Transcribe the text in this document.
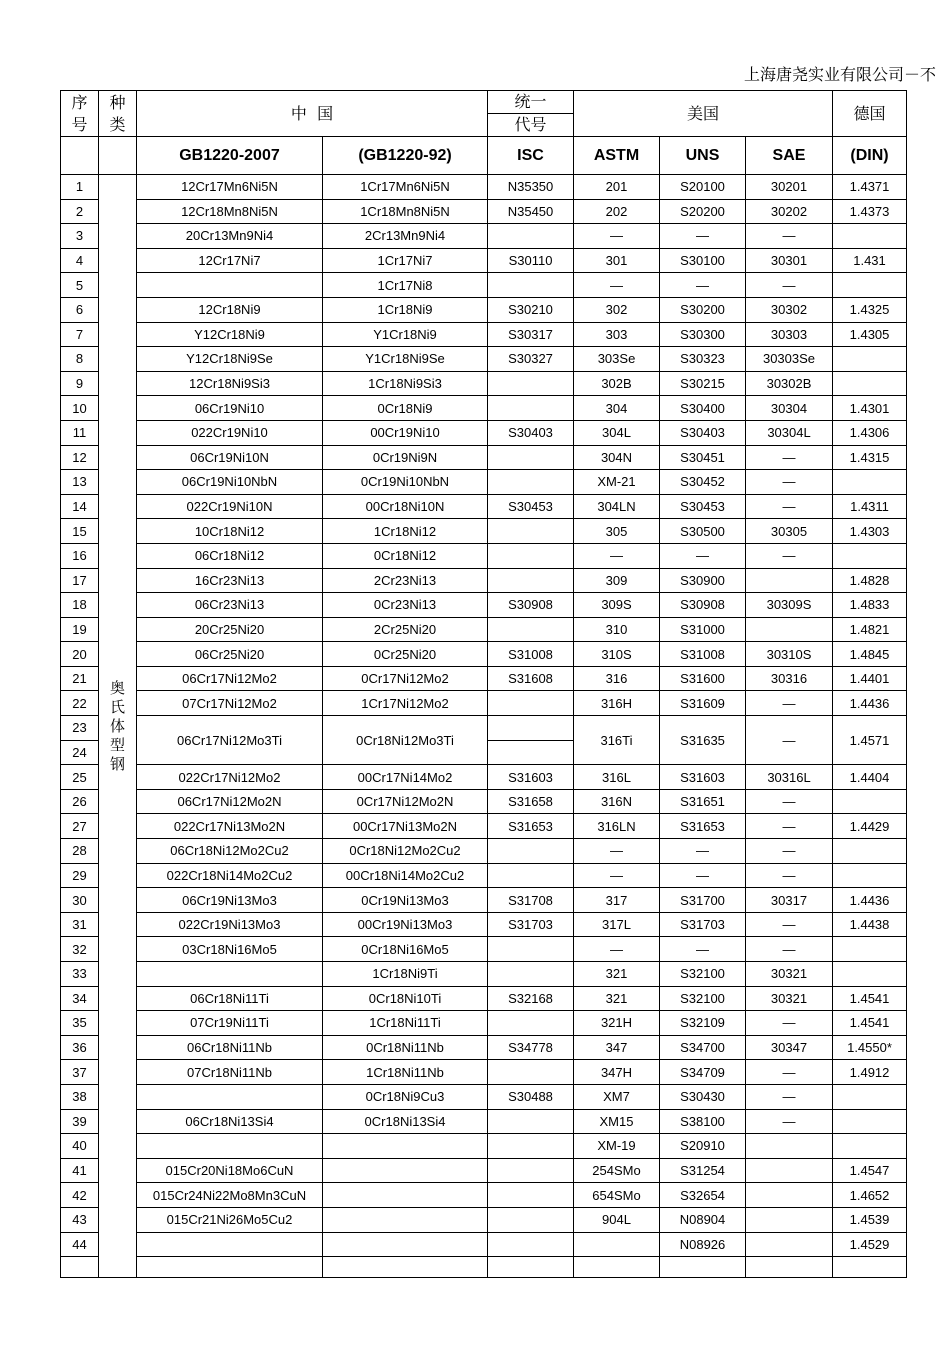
上海唐尧实业有限公司－不
序号	种类	中  国		统一	美国			德国
				代号				
		GB1220-2007	(GB1220-92)	ISC	ASTM	UNS	SAE	(DIN)
1	奥氏体型钢	12Cr17Mn6Ni5N	1Cr17Mn6Ni5N	N35350	201	S20100	30201	1.4371
2		12Cr18Mn8Ni5N	1Cr18Mn8Ni5N	N35450	202	S20200	30202	1.4373
3		20Cr13Mn9Ni4	2Cr13Mn9Ni4		—	—	—	
4		12Cr17Ni7	1Cr17Ni7	S30110	301	S30100	30301	1.431
5			1Cr17Ni8		—	—	—	
6		12Cr18Ni9	1Cr18Ni9	S30210	302	S30200	30302	1.4325
7		Y12Cr18Ni9	Y1Cr18Ni9	S30317	303	S30300	30303	1.4305
8		Y12Cr18Ni9Se	Y1Cr18Ni9Se	S30327	303Se	S30323	30303Se	
9		12Cr18Ni9Si3	1Cr18Ni9Si3		302B	S30215	30302B	
10		06Cr19Ni10	0Cr18Ni9		304	S30400	30304	1.4301
11		022Cr19Ni10	00Cr19Ni10	S30403	304L	S30403	30304L	1.4306
12		06Cr19Ni10N	0Cr19Ni9N		304N	S30451	—	1.4315
13		06Cr19Ni10NbN	0Cr19Ni10NbN		XM-21	S30452	—	
14		022Cr19Ni10N	00Cr18Ni10N	S30453	304LN	S30453	—	1.4311
15		10Cr18Ni12	1Cr18Ni12		305	S30500	30305	1.4303
16		06Cr18Ni12	0Cr18Ni12		—	—	—	
17		16Cr23Ni13	2Cr23Ni13		309	S30900		1.4828
18		06Cr23Ni13	0Cr23Ni13	S30908	309S	S30908	30309S	1.4833
19		20Cr25Ni20	2Cr25Ni20		310	S31000		1.4821
20		06Cr25Ni20	0Cr25Ni20	S31008	310S	S31008	30310S	1.4845
21		06Cr17Ni12Mo2	0Cr17Ni12Mo2	S31608	316	S31600	30316	1.4401
22		07Cr17Ni12Mo2	1Cr17Ni12Mo2		316H	S31609	—	1.4436
23		06Cr17Ni12Mo3Ti	0Cr18Ni12Mo3Ti		316Ti	S31635	—	1.4571
24								
25		022Cr17Ni12Mo2	00Cr17Ni14Mo2	S31603	316L	S31603	30316L	1.4404
26		06Cr17Ni12Mo2N	0Cr17Ni12Mo2N	S31658	316N	S31651	—	
27		022Cr17Ni13Mo2N	00Cr17Ni13Mo2N	S31653	316LN	S31653	—	1.4429
28		06Cr18Ni12Mo2Cu2	0Cr18Ni12Mo2Cu2		—	—	—	
29		022Cr18Ni14Mo2Cu2	00Cr18Ni14Mo2Cu2		—	—	—	
30		06Cr19Ni13Mo3	0Cr19Ni13Mo3	S31708	317	S31700	30317	1.4436
31		022Cr19Ni13Mo3	00Cr19Ni13Mo3	S31703	317L	S31703	—	1.4438
32		03Cr18Ni16Mo5	0Cr18Ni16Mo5		—	—	—	
33			1Cr18Ni9Ti		321	S32100	30321	
34		06Cr18Ni11Ti	0Cr18Ni10Ti	S32168	321	S32100	30321	1.4541
35		07Cr19Ni11Ti	1Cr18Ni11Ti		321H	S32109	—	1.4541
36		06Cr18Ni11Nb	0Cr18Ni11Nb	S34778	347	S34700	30347	1.4550*
37		07Cr18Ni11Nb	1Cr18Ni11Nb		347H	S34709	—	1.4912
38			0Cr18Ni9Cu3	S30488	XM7	S30430	—	
39		06Cr18Ni13Si4	0Cr18Ni13Si4		XM15	S38100	—	
40					XM-19	S20910		
41		015Cr20Ni18Mo6CuN			254SMo	S31254		1.4547
42		015Cr24Ni22Mo8Mn3CuN			654SMo	S32654		1.4652
43		015Cr21Ni26Mo5Cu2			904L	N08904		1.4539
44						N08926		1.4529
